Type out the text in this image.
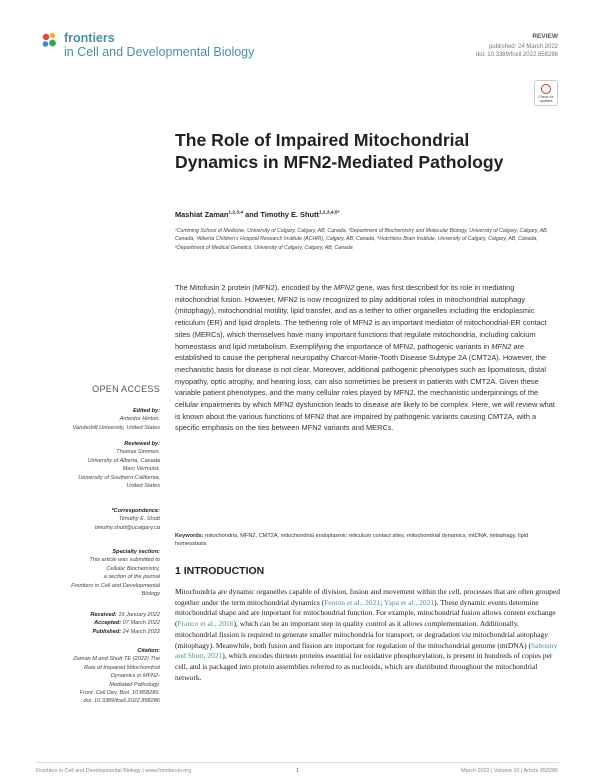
frontiers
in Cell and Developmental Biology
REVIEW
published: 24 March 2022
doi: 10.3389/fcell.2022.858286
Check for updates
The Role of Impaired Mitochondrial Dynamics in MFN2-Mediated Pathology
Mashiat Zaman$^{1,2,3,4}$ and Timothy E. Shutt$^{1,2,3,4,5*}$
¹Cumming School of Medicine, University of Calgary, Calgary, AB, Canada, ²Department of Biochemistry and Molecular Biology, University of Calgary, Calgary, AB, Canada, ³Alberta Children’s Hospital Research Institute (ACHRI), Calgary, AB, Canada, ⁴Hotchkiss Brain Institute, University of Calgary, Calgary, AB, Canada, ⁵Department of Medical Genetics, University of Calgary, Calgary, AB, Canada
The Mitofusin 2 protein (MFN2), encoded by the MFN2 gene, was first described for its role in mediating mitochondrial fusion. However, MFN2 is now recognized to play additional roles in mitochondrial autophagy (mitophagy), mitochondrial motility, lipid transfer, and as a tether to other organelles including the endoplasmic reticulum (ER) and lipid droplets. The tethering role of MFN2 is an important mediator of mitochondrial-ER contact sites (MERCs), which themselves have many important functions that regulate mitochondria, including calcium homeostasis and lipid metabolism. Exemplifying the importance of MFN2, pathogenic variants in MFN2 are established to cause the peripheral neuropathy Charcot-Marie-Tooth Disease Subtype 2A (CMT2A). However, the mechanistic basis for disease is not clear. Moreover, additional pathogenic phenotypes such as lipomatosis, distal myopathy, optic atrophy, and hearing loss, can also sometimes be present in patients with CMT2A. Given these variable patient phenotypes, and the many cellular roles played by MFN2, the mechanistic underpinnings of the cellular impairments by which MFN2 dysfunction leads to disease are likely to be complex. Here, we will review what is known about the various functions of MFN2 that are impaired by pathogenic variants causing CMT2A, with a specific emphasis on the ties between MFN2 variants and MERCs.
Keywords: mitochondria, MFN2, CMT2A, mitochondrial endoplasmic reticulum contact sites, mitochondrial dynamics, mtDNA, mitophagy, lipid homeostasis
1 INTRODUCTION
Mitochondria are dynamic organelles capable of division, fusion and movement within the cell, processes that are often grouped together under the term mitochondrial dynamics (Fenton et al., 2021; Yapa et al., 2021). These dynamic events determine mitochondrial shape and are important for mitochondrial function. For example, mitochondrial fusion allows content exchange (Franco et al., 2016), which can be an important step in quality control as it allows complementation. Additionally, mitochondrial fission is required to generate smaller mitochondria for transport, or degradation via mitochondrial autophagy (mitophagy). Meanwhile, both fusion and fission are important for regulation of the mitochondrial genome (mtDNA) (Sabouny and Shutt, 2021), which encodes thirteen proteins essential for oxidative phosphorylation, is present in hundreds of copies per cell, and is packaged into protein assemblies referred to as nucleoids, which are distributed throughout the mitochondrial network.
OPEN ACCESS
Edited by:
Antentor Hinton,
Vanderbilt University, United States
Reviewed by:
Thomas Simmen,
University of Alberta, Canada
Marc Vermulst,
University of Southern California,
United States
*Correspondence:
Timothy E. Shutt
timothy.shutt@ucalgary.ca
Specialty section:
This article was submitted to
Cellular Biochemistry,
a section of the journal
Frontiers in Cell and Developmental
Biology
Received: 19 January 2022
Accepted: 07 March 2022
Published: 24 March 2022
Citation:
Zaman M and Shutt TE (2022) The
Role of Impaired Mitochondrial
Dynamics in MFN2-
Mediated Pathology.
Front. Cell Dev. Biol. 10:858286.
doi: 10.3389/fcell.2022.858286
Frontiers in Cell and Developmental Biology | www.frontiersin.org	1	March 2022 | Volume 10 | Article 858286
